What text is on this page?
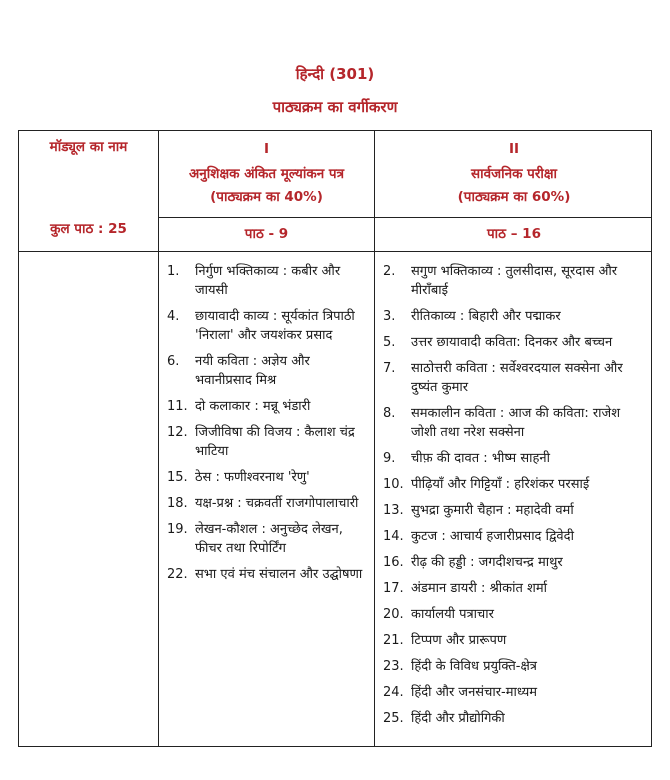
हिन्दी (301)
पाठ्यक्रम का वर्गीकरण
मॉड्यूल का नाम
कुल पाठ : 25
I
अनुशिक्षक अंकित मूल्यांकन पत्र
(पाठ्यक्रम का 40%)
पाठ - 9
II
सार्वजनिक परीक्षा
(पाठ्यक्रम का 60%)
पाठ – 16
1. निर्गुण भक्तिकाव्य : कबीर और जायसी
4. छायावादी काव्य : सूर्यकांत त्रिपाठी 'निराला' और जयशंकर प्रसाद
6. नयी कविता : अज्ञेय और भवानीप्रसाद मिश्र
11. दो कलाकार : मन्नू भंडारी
12. जिजीविषा की विजय : कैलाश चंद्र भाटिया
15. ठेस : फणीश्वरनाथ 'रेणु'
18. यक्ष-प्रश्न : चक्रवर्ती राजगोपालाचारी
19. लेखन-कौशल : अनुच्छेद लेखन, फीचर तथा रिपोर्टिंग
22. सभा एवं मंच संचालन और उद्घोषणा
2. सगुण भक्तिकाव्य : तुलसीदास, सूरदास और मीराँबाई
3. रीतिकाव्य : बिहारी और पद्माकर
5. उत्तर छायावादी कविता: दिनकर और बच्चन
7. साठोत्तरी कविता : सर्वेश्वरदयाल सक्सेना और दुष्यंत कुमार
8. समकालीन कविता : आज की कविता: राजेश जोशी तथा नरेश सक्सेना
9. चीफ़ की दावत : भीष्म साहनी
10. पीढ़ियाँ और गिट्टियाँ : हरिशंकर परसाई
13. सुभद्रा कुमारी चैहान : महादेवी वर्मा
14. कुटज : आचार्य हजारीप्रसाद द्विवेदी
16. रीढ़ की हड्डी : जगदीशचन्द्र माथुर
17. अंडमान डायरी : श्रीकांत शर्मा
20. कार्यालयी पत्राचार
21. टिप्पण और प्रारूपण
23. हिंदी के विविध प्रयुक्ति-क्षेत्र
24. हिंदी और जनसंचार-माध्यम
25. हिंदी और प्रौद्योगिकी
